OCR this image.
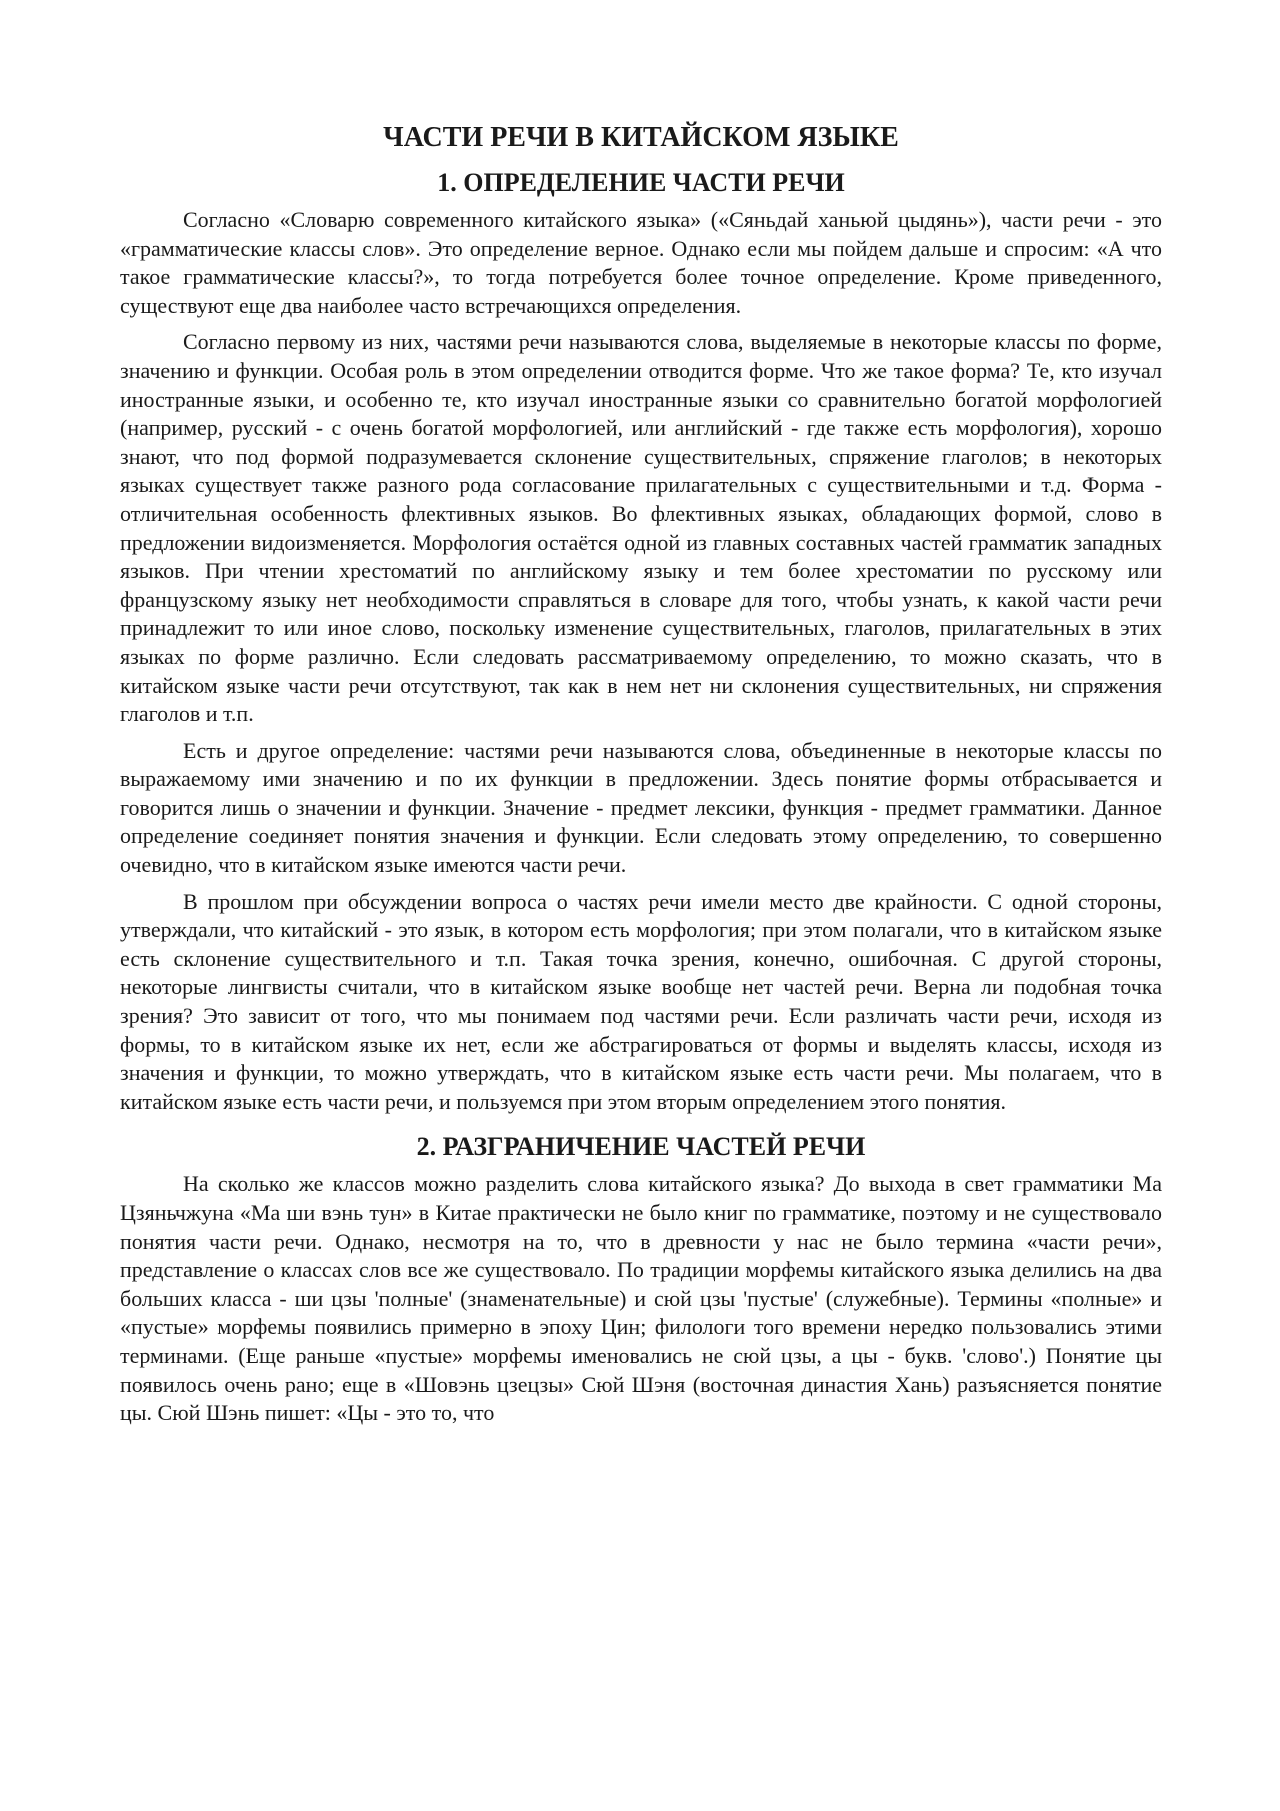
ЧАСТИ РЕЧИ В КИТАЙСКОМ ЯЗЫКЕ
1. ОПРЕДЕЛЕНИЕ ЧАСТИ РЕЧИ

Согласно «Словарю современного китайского языка» («Сяньдай ханьюй цыдянь»), части речи - это «грамматические классы слов». Это определение верное. Однако если мы пойдем дальше и спросим: «А что такое грамматические классы?», то тогда потребуется более точное определение. Кроме приведенного, существуют еще два наиболее часто встречающихся определения.

Согласно первому из них, частями речи называются слова, выделяемые в некоторые классы по форме, значению и функции. Особая роль в этом определении отводится форме. Что же такое форма? Те, кто изучал иностранные языки, и особенно те, кто изучал иностранные языки со сравнительно богатой морфологией (например, русский - с очень богатой морфологией, или английский - где также есть морфология), хорошо знают, что под формой подразумевается склонение существительных, спряжение глаголов; в некоторых языках существует также разного рода согласование прилагательных с существительными и т.д. Форма - отличительная особенность флективных языков. Во флективных языках, обладающих формой, слово в предложении видоизменяется. Морфология остаётся одной из главных составных частей грамматик западных языков. При чтении хрестоматий по английскому языку и тем более хрестоматии по русскому или французскому языку нет необходимости справляться в словаре для того, чтобы узнать, к какой части речи принадлежит то или иное слово, поскольку изменение существительных, глаголов, прилагательных в этих языках по форме различно. Если следовать рассматриваемому определению, то можно сказать, что в китайском языке части речи отсутствуют, так как в нем нет ни склонения существительных, ни спряжения глаголов и т.п.

Есть и другое определение: частями речи называются слова, объединенные в некоторые классы по выражаемому ими значению и по их функции в предложении. Здесь понятие формы отбрасывается и говорится лишь о значении и функции. Значение - предмет лексики, функция - предмет грамматики. Данное определение соединяет понятия значения и функции. Если следовать этому определению, то совершенно очевидно, что в китайском языке имеются части речи.

В прошлом при обсуждении вопроса о частях речи имели место две крайности. С одной стороны, утверждали, что китайский - это язык, в котором есть морфология; при этом полагали, что в китайском языке есть склонение существительного и т.п. Такая точка зрения, конечно, ошибочная. С другой стороны, некоторые лингвисты считали, что в китайском языке вообще нет частей речи. Верна ли подобная точка зрения? Это зависит от того, что мы понимаем под частями речи. Если различать части речи, исходя из формы, то в китайском языке их нет, если же абстрагироваться от формы и выделять классы, исходя из значения и функции, то можно утверждать, что в китайском языке есть части речи. Мы полагаем, что в китайском языке есть части речи, и пользуемся при этом вторым определением этого понятия.

2. РАЗГРАНИЧЕНИЕ ЧАСТЕЙ РЕЧИ

На сколько же классов можно разделить слова китайского языка? До выхода в свет грамматики Ма Цзяньчжуна «Ма ши вэнь тун» в Китае практически не было книг по грамматике, поэтому и не существовало понятия части речи. Однако, несмотря на то, что в древности у нас не было термина «части речи», представление о классах слов все же существовало. По традиции морфемы китайского языка делились на два больших класса - ши цзы 'полные' (знаменательные) и сюй цзы 'пустые' (служебные). Термины «полные» и «пустые» морфемы появились примерно в эпоху Цин; филологи того времени нередко пользовались этими терминами. (Еще раньше «пустые» морфемы именовались не сюй цзы, а цы - букв. 'слово'.) Понятие цы появилось очень рано; еще в «Шовэнь цзецзы» Сюй Шэня (восточная династия Хань) разъясняется понятие цы. Сюй Шэнь пишет: «Цы - это то, что
